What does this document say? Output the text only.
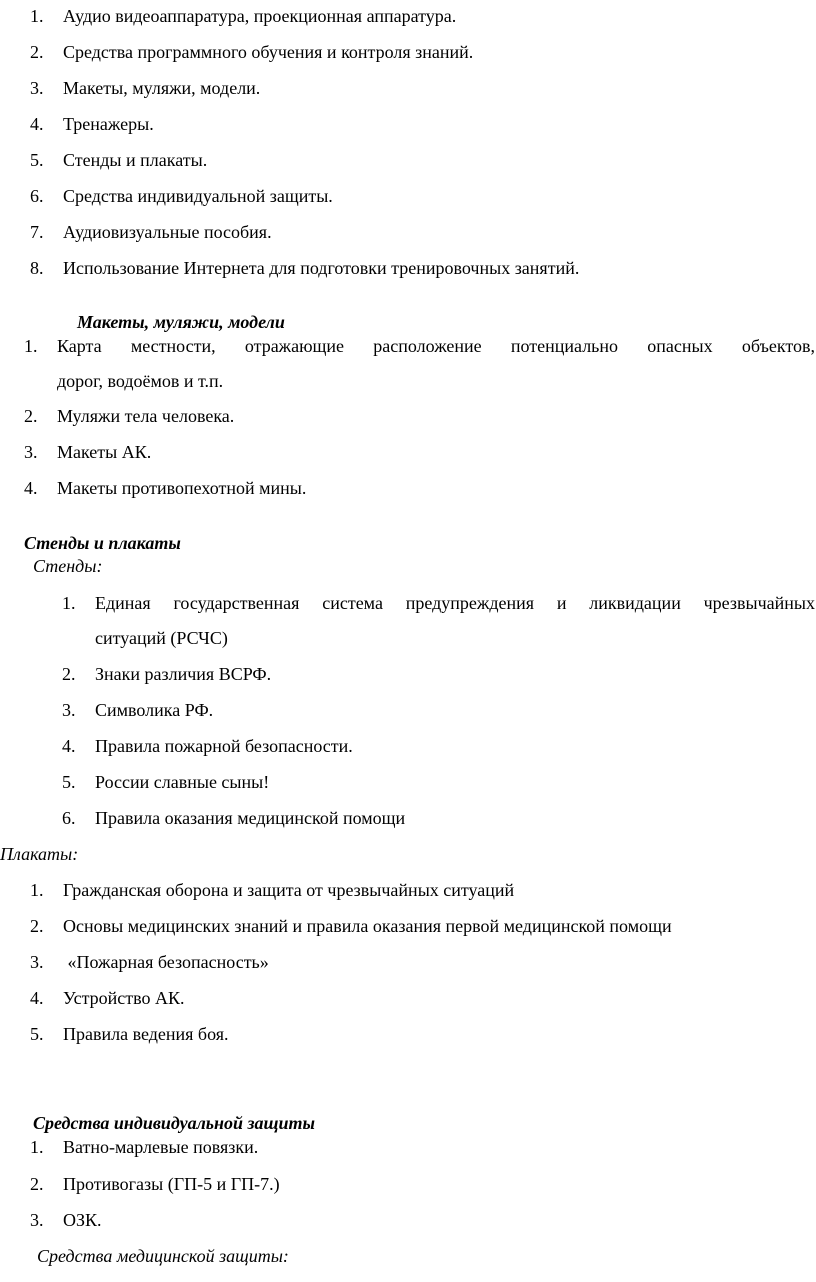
1. Аудио видеоаппаратура, проекционная аппаратура.
2. Средства программного обучения и контроля знаний.
3. Макеты, муляжи, модели.
4. Тренажеры.
5. Стенды и плакаты.
6. Средства индивидуальной защиты.
7. Аудиовизуальные пособия.
8. Использование Интернета для подготовки тренировочных занятий.
Макеты, муляжи, модели
1. Карта местности, отражающие расположение потенциально опасных объектов,
дорог, водоёмов и т.п.
2. Муляжи тела человека.
3. Макеты АК.
4. Макеты противопехотной мины.
Стенды и плакаты
Стенды:
1. Единая государственная система предупреждения и ликвидации чрезвычайных
ситуаций (РСЧС)
2. Знаки различия ВСРФ.
3. Символика РФ.
4. Правила пожарной безопасности.
5. России славные сыны!
6. Правила оказания медицинской помощи
Плакаты:
1. Гражданская оборона и защита от чрезвычайных ситуаций
2. Основы медицинских знаний и правила оказания первой медицинской помощи
3. «Пожарная безопасность»
4. Устройство АК.
5. Правила ведения боя.
Средства индивидуальной защиты
1. Ватно-марлевые повязки.
2. Противогазы (ГП-5 и ГП-7.)
3. ОЗК.
Средства медицинской защиты:
